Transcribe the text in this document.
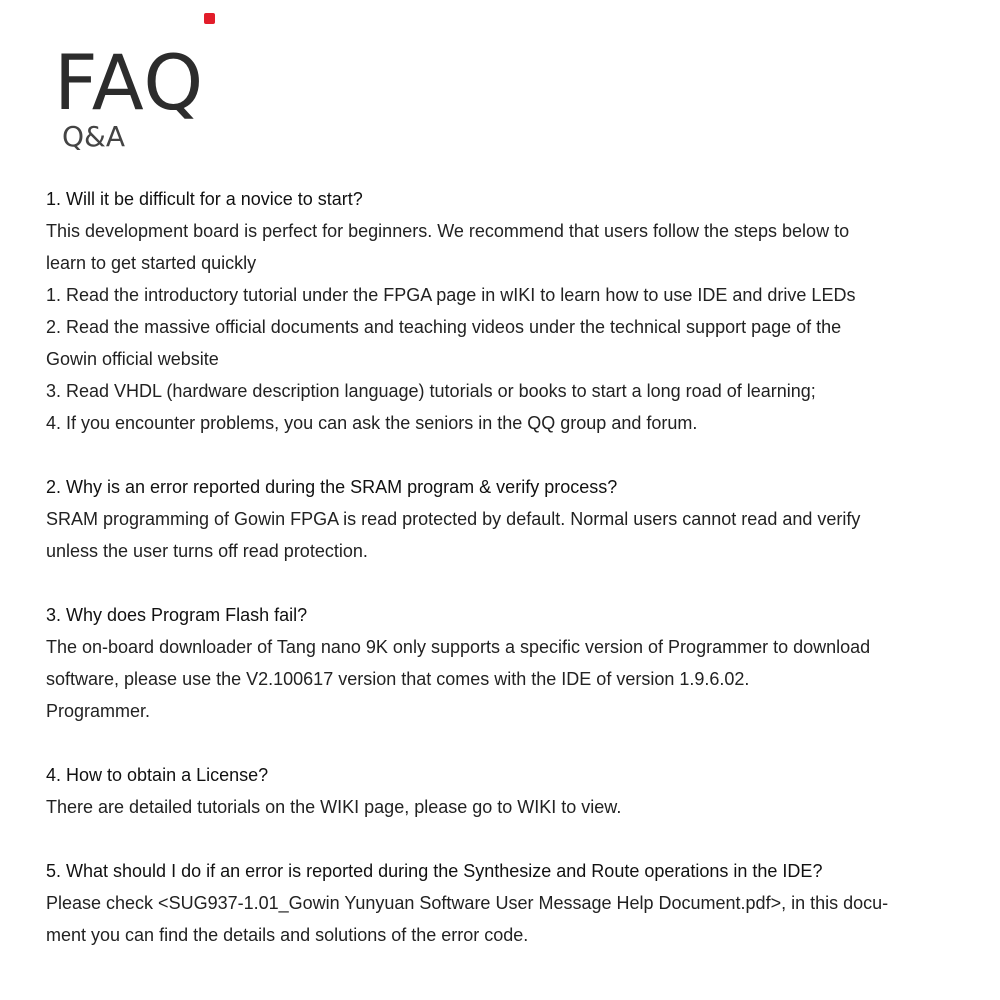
FAQ
Q&A

1. Will it be difficult for a novice to start?

This development board is perfect for beginners. We recommend that users follow the steps below to

learn to get started quickly

1. Read the introductory tutorial under the FPGA page in wIKI to learn how to use IDE and drive LEDs

2. Read the massive official documents and teaching videos under the technical support page of the

Gowin official website

3. Read VHDL (hardware description language) tutorials or books to start a long road of learning;

4. If you encounter problems, you can ask the seniors in the QQ group and forum.

2. Why is an error reported during the SRAM program & verify process?

SRAM programming of Gowin FPGA is read protected by default. Normal users cannot read and verify

unless the user turns off read protection.

3. Why does Program Flash fail?

The on-board downloader of Tang nano 9K only supports a specific version of Programmer to download

software, please use the V2.100617 version that comes with the IDE of version 1.9.6.02.

Programmer.

4. How to obtain a License?

There are detailed tutorials on the WIKI page, please go to WIKI to view.

5. What should I do if an error is reported during the Synthesize and Route operations in the IDE?

Please check <SUG937-1.01_Gowin Yunyuan Software User Message Help Document.pdf>, in this docu-

ment you can find the details and solutions of the error code.
